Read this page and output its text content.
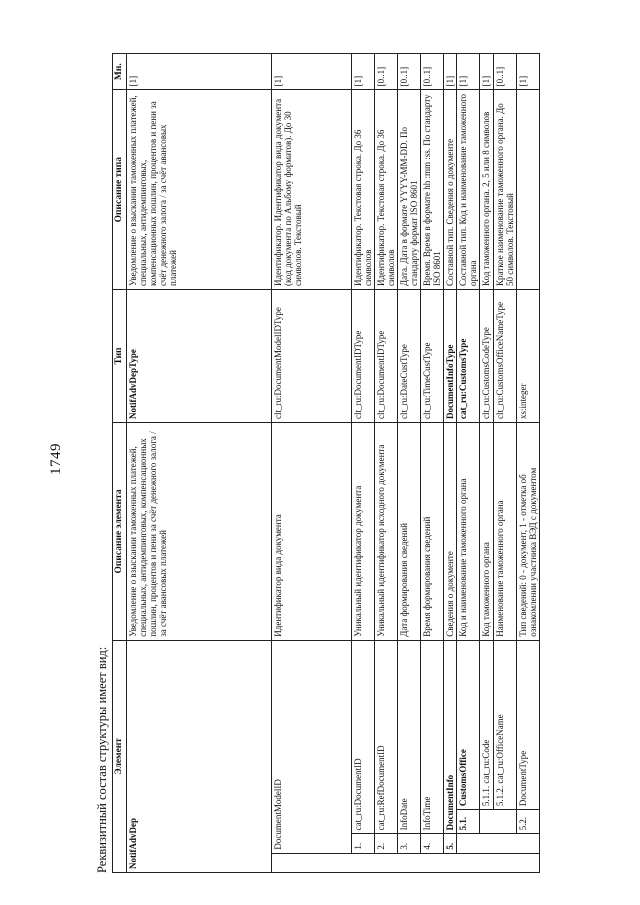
1749
Реквизитный состав структуры имеет вид: Элемент				Описание элемента	Тип	Описание типа	Мн.
NotifAdvDep				Уведомление о взыскании таможенных платежей, специальных, антидемпинговых, компенсационных пошлин, процентов и пени за счёт денежного залога / за счёт авансовых платежей	NotifAdvDepType	Уведомление о взыскании таможенных платежей, специальных, антидемпинговых, компенсационных пошлин, процентов и пени за счёт денежного залога / за счёт авансовых платежей	[1]
	DocumentModelID			Идентификатор вида документа	clt_ru:DocumentModelIDType	Идентификатор. Идентификатор вида документа (код документа по Альбому форматов). До 30 символов. Текстовый	[1]
	1.	cat_ru:DocumentID		Уникальный идентификатор документа	clt_ru:DocumentIDType	Идентификатор. Текстовая строка. До 36 символов	[1]
	2.	cat_ru:RefDocumentID		Уникальный идентификатор исходного документа	clt_ru:DocumentIDType	Идентификатор. Текстовая строка. До 36 символов	[0..1]
	3.	InfoDate		Дата формирования сведений	clt_ru:DateCustType	Дата. Дата в формате YYYY-MM-DD. По стандарту формат ISO 8601	[0..1]
	4.	InfoTime		Время формирования сведений	clt_ru:TimeCustType	Время. Время в формате hh :mm :ss. По стандарту ISO 8601	[0..1]
	5.	DocumentInfo		Сведения о документе	DocumentInfoType	Составной тип. Сведения о документе	[1]
		5.1.	CustomsOffice	Код и наименование таможенного органа	cat_ru:CustomsType	Составной тип. Код и наименование таможенного органа	[1]
			5.1.1. cat_ru:Code	Код таможенного органа	clt_ru:CustomsCodeType	Код таможенного органа. 2, 5 или 8 символов	[1]
			5.1.2. cat_ru:OfficeName	Наименование таможенного органа	clt_ru:CustomsOfficeNameType	Краткое наименование таможенного органа. До 50 символов. Текстовый	[0..1]
		5.2.	DocumentType	Тип сведений: 0 - документ, 1 - отметка об ознакомлении участника ВЭД с документом	xs:integer		[1]
